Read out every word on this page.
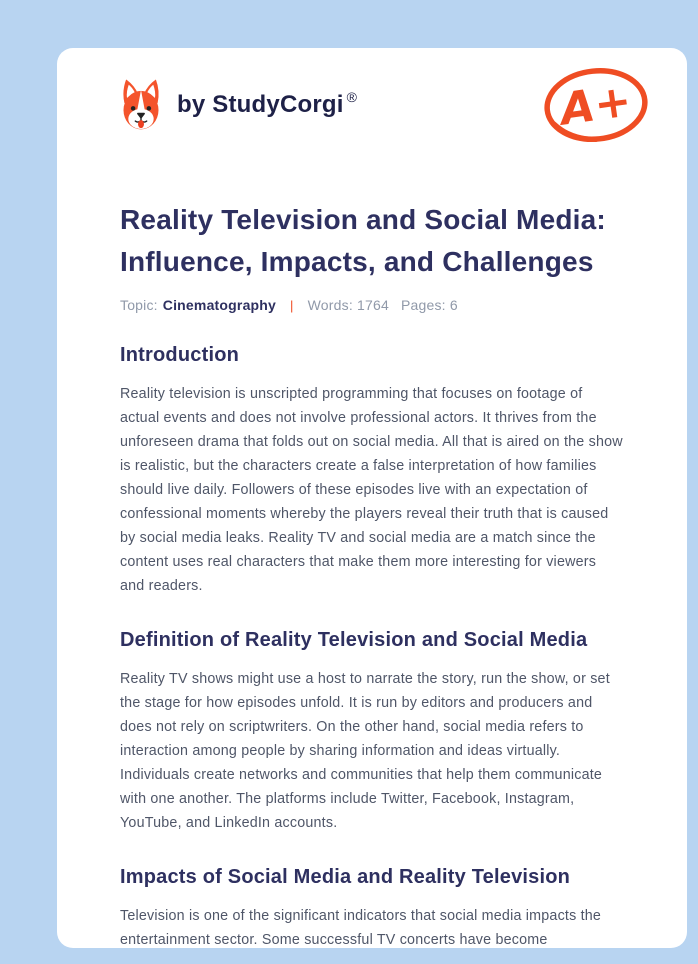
by StudyCorgi ®	A+
Reality Television and Social Media: Influence, Impacts, and Challenges
Topic: Cinematography | Words: 1764 Pages: 6
Introduction

Reality television is unscripted programming that focuses on footage of actual events and does not involve professional actors. It thrives from the unforeseen drama that folds out on social media. All that is aired on the show is realistic, but the characters create a false interpretation of how families should live daily. Followers of these episodes live with an expectation of confessional moments whereby the players reveal their truth that is caused by social media leaks. Reality TV and social media are a match since the content uses real characters that make them more interesting for viewers and readers.

Definition of Reality Television and Social Media

Reality TV shows might use a host to narrate the story, run the show, or set the stage for how episodes unfold. It is run by editors and producers and does not rely on scriptwriters. On the other hand, social media refers to interaction among people by sharing information and ideas virtually. Individuals create networks and communities that help them communicate with one another. The platforms include Twitter, Facebook, Instagram, YouTube, and LinkedIn accounts.

Impacts of Social Media and Reality Television

Television is one of the significant indicators that social media impacts the entertainment sector. Some successful TV concerts have become
